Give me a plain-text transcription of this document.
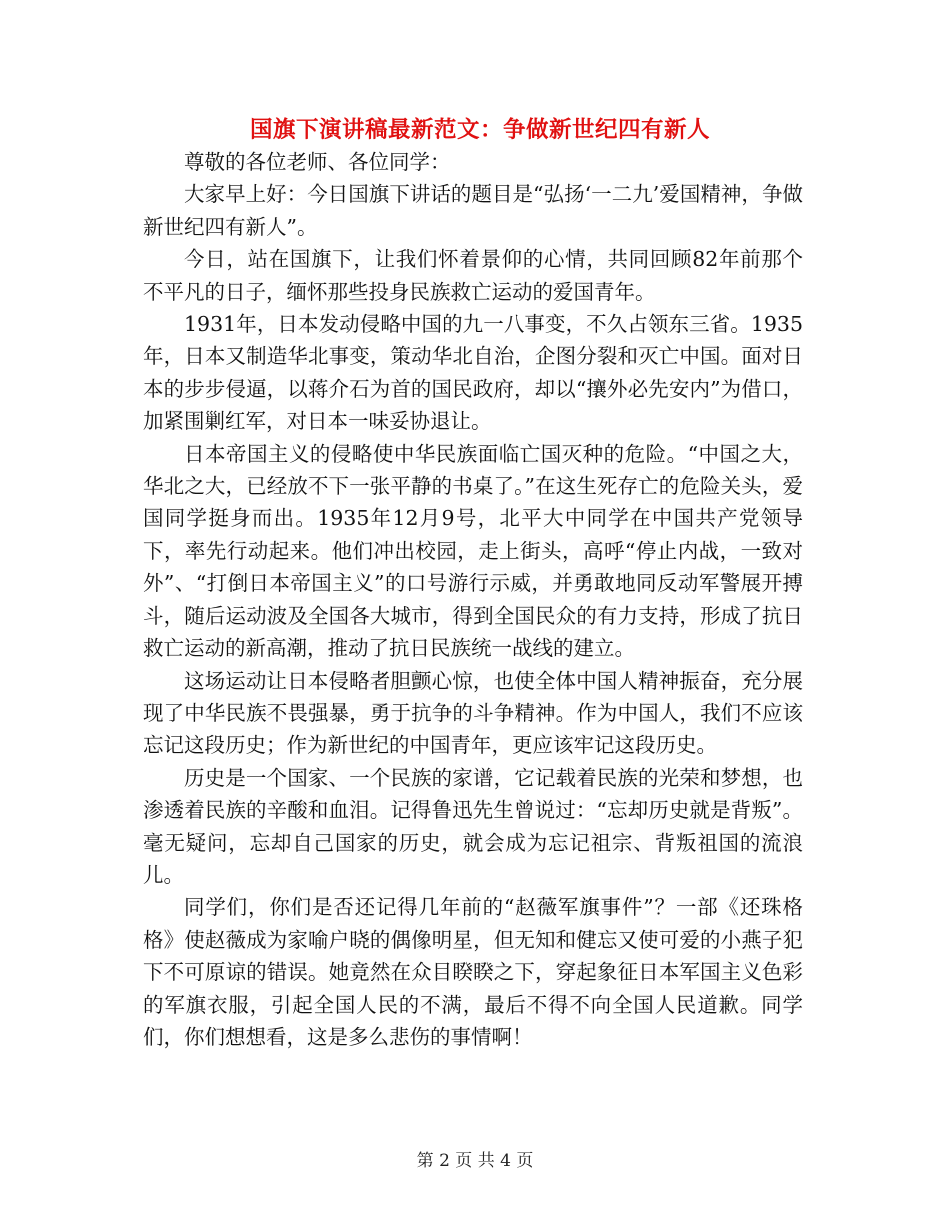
国旗下演讲稿最新范文：争做新世纪四有新人

尊敬的各位老师、各位同学：

大家早上好：今日国旗下讲话的题目是“弘扬‘一二九’爱国精神，争做新世纪四有新人”。

今日，站在国旗下，让我们怀着景仰的心情，共同回顾82年前那个不平凡的日子，缅怀那些投身民族救亡运动的爱国青年。

1931年，日本发动侵略中国的九一八事变，不久占领东三省。1935年，日本又制造华北事变，策动华北自治，企图分裂和灭亡中国。面对日本的步步侵逼，以蒋介石为首的国民政府，却以“攘外必先安内”为借口，加紧围剿红军，对日本一味妥协退让。

日本帝国主义的侵略使中华民族面临亡国灭种的危险。“中国之大，华北之大，已经放不下一张平静的书桌了。”在这生死存亡的危险关头，爱国同学挺身而出。1935年12月9号，北平大中同学在中国共产党领导下，率先行动起来。他们冲出校园，走上街头，高呼“停止内战，一致对外”、“打倒日本帝国主义”的口号游行示威，并勇敢地同反动军警展开搏斗，随后运动波及全国各大城市，得到全国民众的有力支持，形成了抗日救亡运动的新高潮，推动了抗日民族统一战线的建立。

这场运动让日本侵略者胆颤心惊，也使全体中国人精神振奋，充分展现了中华民族不畏强暴，勇于抗争的斗争精神。作为中国人，我们不应该忘记这段历史；作为新世纪的中国青年，更应该牢记这段历史。

历史是一个国家、一个民族的家谱，它记载着民族的光荣和梦想，也渗透着民族的辛酸和血泪。记得鲁迅先生曾说过：“忘却历史就是背叛”。毫无疑问，忘却自己国家的历史，就会成为忘记祖宗、背叛祖国的流浪儿。

同学们，你们是否还记得几年前的“赵薇军旗事件”？一部《还珠格格》使赵薇成为家喻户晓的偶像明星，但无知和健忘又使可爱的小燕子犯下不可原谅的错误。她竟然在众目睽睽之下，穿起象征日本军国主义色彩的军旗衣服，引起全国人民的不满，最后不得不向全国人民道歉。同学们，你们想想看，这是多么悲伤的事情啊！

第 2 页 共 4 页
